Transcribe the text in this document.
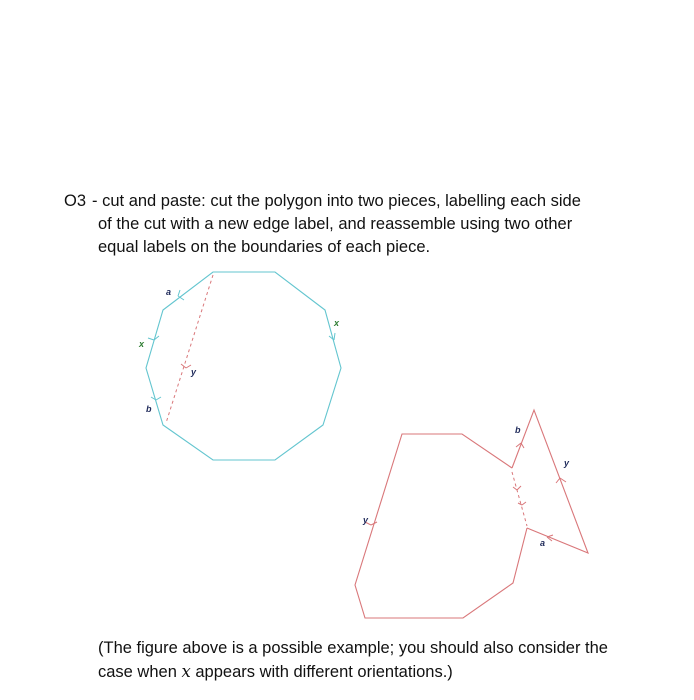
O3 - cut and paste: cut the polygon into two pieces, labelling each side
of the cut with a new edge label, and reassemble using two other
equal labels on the boundaries of each piece.
a
x
x
b
y
b
y
y
a
(The figure above is a possible example; you should also consider the
case when x appears with different orientations.)
